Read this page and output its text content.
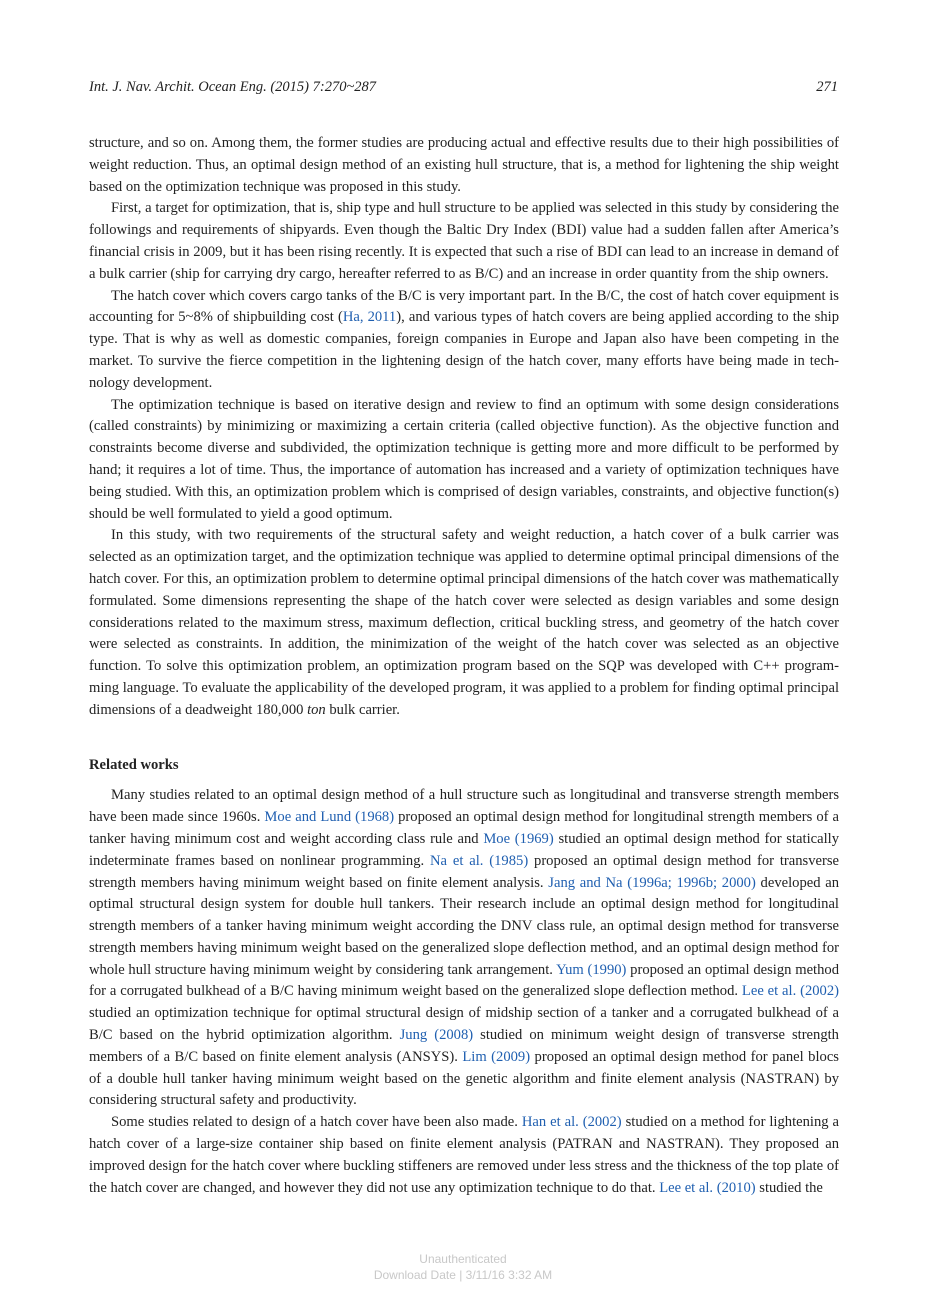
Int. J. Nav. Archit. Ocean Eng. (2015) 7:270~287	271

structure, and so on. Among them, the former studies are producing actual and effective results due to their high possibilities of weight reduction. Thus, an optimal design method of an existing hull structure, that is, a method for lightening the ship weight based on the optimization technique was proposed in this study.

First, a target for optimization, that is, ship type and hull structure to be applied was selected in this study by considering the followings and requirements of shipyards. Even though the Baltic Dry Index (BDI) value had a sudden fallen after America’s financial crisis in 2009, but it has been rising recently. It is expected that such a rise of BDI can lead to an increase in demand of a bulk carrier (ship for carrying dry cargo, hereafter referred to as B/C) and an increase in order quantity from the ship owners.

The hatch cover which covers cargo tanks of the B/C is very important part. In the B/C, the cost of hatch cover equipment is accounting for 5~8% of shipbuilding cost (Ha, 2011), and various types of hatch covers are being applied according to the ship type. That is why as well as domestic companies, foreign companies in Europe and Japan also have been competing in the market. To survive the fierce competition in the lightening design of the hatch cover, many efforts have being made in technology development.

The optimization technique is based on iterative design and review to find an optimum with some design considerations (called constraints) by minimizing or maximizing a certain criteria (called objective function). As the objective function and constraints become diverse and subdivided, the optimization technique is getting more and more difficult to be performed by hand; it requires a lot of time. Thus, the importance of automation has increased and a variety of optimization techniques have being studied. With this, an optimization problem which is comprised of design variables, constraints, and objective function(s) should be well formulated to yield a good optimum.

In this study, with two requirements of the structural safety and weight reduction, a hatch cover of a bulk carrier was selected as an optimization target, and the optimization technique was applied to determine optimal principal dimensions of the hatch cover. For this, an optimization problem to determine optimal principal dimensions of the hatch cover was mathematically formulated. Some dimensions representing the shape of the hatch cover were selected as design variables and some design considerations related to the maximum stress, maximum deflection, critical buckling stress, and geometry of the hatch cover were selected as constraints. In addition, the minimization of the weight of the hatch cover was selected as an objective function. To solve this optimization problem, an optimization program based on the SQP was developed with C++ programming language. To evaluate the applicability of the developed program, it was applied to a problem for finding optimal principal dimensions of a deadweight 180,000 ton bulk carrier.

Related works

Many studies related to an optimal design method of a hull structure such as longitudinal and transverse strength members have been made since 1960s. Moe and Lund (1968) proposed an optimal design method for longitudinal strength members of a tanker having minimum cost and weight according class rule and Moe (1969) studied an optimal design method for statically indeterminate frames based on nonlinear programming. Na et al. (1985) proposed an optimal design method for transverse strength members having minimum weight based on finite element analysis. Jang and Na (1996a; 1996b; 2000) developed an optimal structural design system for double hull tankers. Their research include an optimal design method for longitudinal strength members of a tanker having minimum weight according the DNV class rule, an optimal design method for transverse strength members having minimum weight based on the generalized slope deflection method, and an optimal design method for whole hull structure having minimum weight by considering tank arrangement. Yum (1990) proposed an optimal design method for a corrugated bulkhead of a B/C having minimum weight based on the generalized slope deflection method. Lee et al. (2002) studied an optimization technique for optimal structural design of midship section of a tanker and a corrugated bulkhead of a B/C based on the hybrid optimization algorithm. Jung (2008) studied on minimum weight design of transverse strength members of a B/C based on finite element analysis (ANSYS). Lim (2009) proposed an optimal design method for panel blocs of a double hull tanker having minimum weight based on the genetic algorithm and finite element analysis (NASTRAN) by considering structural safety and productivity.

Some studies related to design of a hatch cover have been also made. Han et al. (2002) studied on a method for lightening a hatch cover of a large-size container ship based on finite element analysis (PATRAN and NASTRAN). They proposed an improved design for the hatch cover where buckling stiffeners are removed under less stress and the thickness of the top plate of the hatch cover are changed, and however they did not use any optimization technique to do that. Lee et al. (2010) studied the

Unauthenticated
Download Date | 3/11/16 3:32 AM
